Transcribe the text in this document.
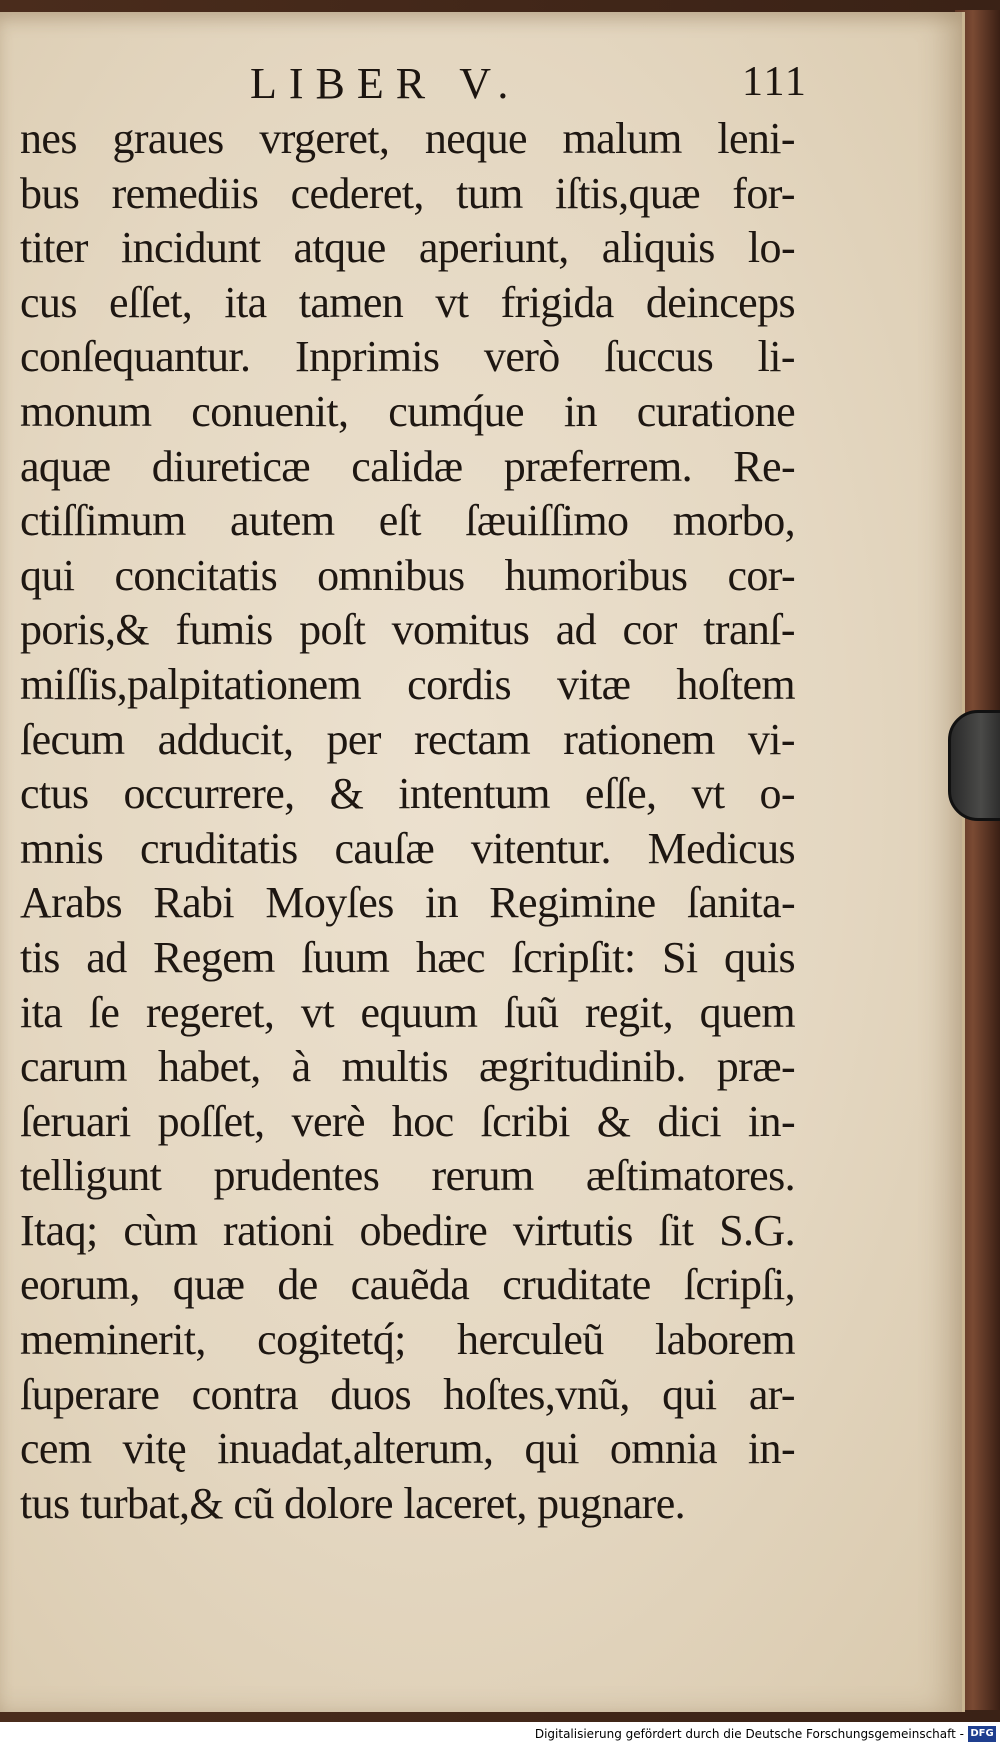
LIBER V.	111
nes graues vrgeret, neque malum leni-
bus remediis cederet, tum iſtis,quæ for-
titer incidunt atque aperiunt, aliquis lo-
cus eſſet, ita tamen vt frigida deinceps
conſequantur. Inprimis verò ſuccus li-
monum conuenit, cumq́ue in curatione
aquæ diureticæ calidæ præferrem. Re-
ctiſſimum autem eſt ſæuiſſimo morbo,
qui concitatis omnibus humoribus cor-
poris,& fumis poſt vomitus ad cor tranſ-
miſſis,palpitationem cordis vitæ hoſtem
ſecum adducit, per rectam rationem vi-
ctus occurrere, & intentum eſſe, vt o-
mnis cruditatis cauſæ vitentur. Medicus
Arabs Rabi Moyſes in Regimine ſanita-
tis ad Regem ſuum hæc ſcripſit: Si quis
ita ſe regeret, vt equum ſuũ regit, quem
carum habet, à multis ægritudinib. præ-
ſeruari poſſet, verè hoc ſcribi & dici in-
telligunt prudentes rerum æſtimatores.
Itaq; cùm rationi obedire virtutis ſit S.G.
eorum, quæ de cauẽda cruditate ſcripſi,
meminerit, cogitetq́; herculeũ laborem
ſuperare contra duos hoſtes,vnũ, qui ar-
cem vitę inuadat,alterum, qui omnia in-
tus turbat,& cũ dolore laceret, pugnare.
Digitalisierung gefördert durch die Deutsche Forschungsgemeinschaft - DFG
